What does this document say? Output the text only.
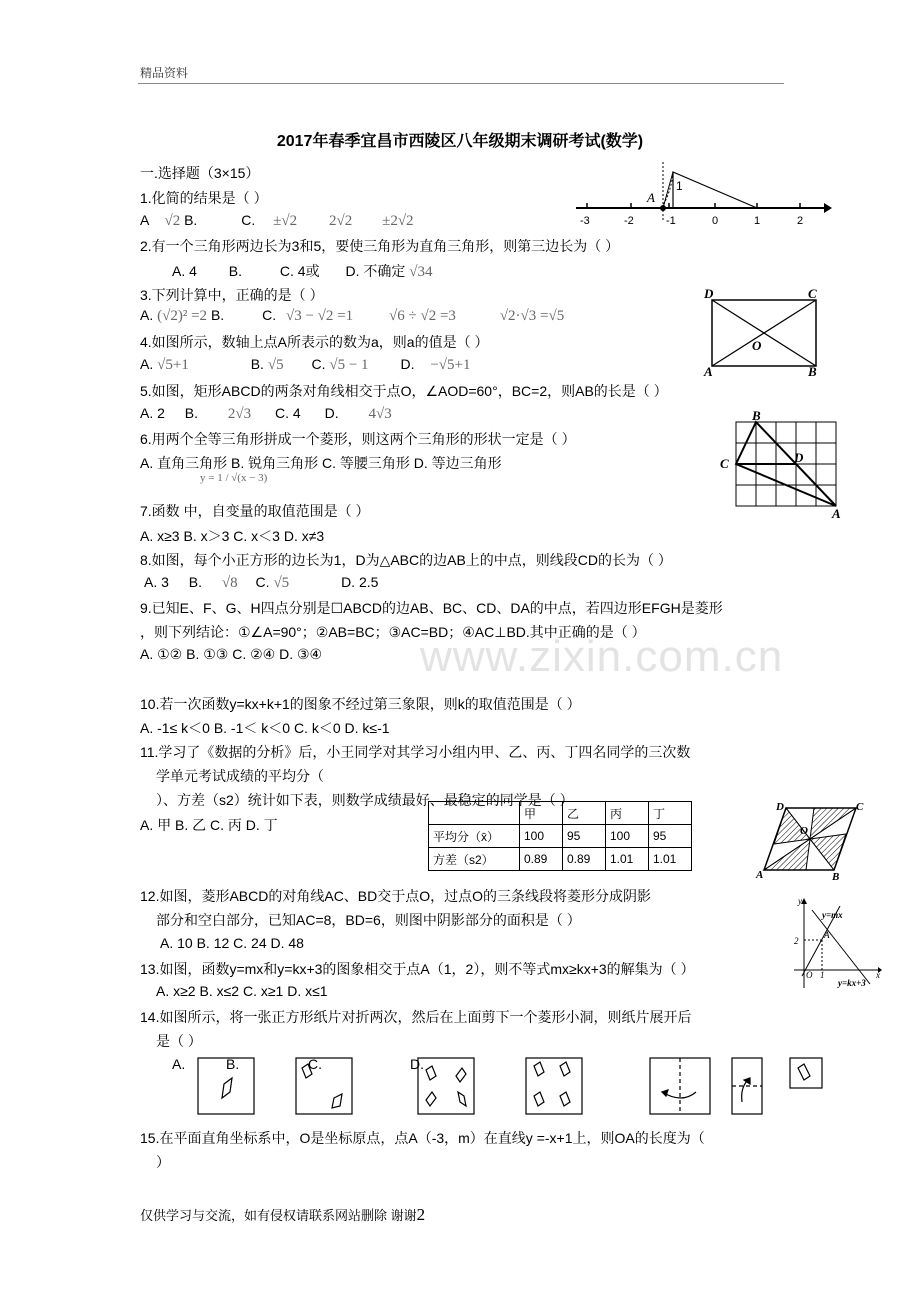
精品资料
www.zixin.com.cn
2017年春季宜昌市西陵区八年级期末调研考试(数学)
一.选择题（3×15）
1.化简的结果是（ ）
A √2 B.	C. ±√2 2√2 ±2√2
A
1
-3	-2	-1	0	1	2
2.有一个三角形两边长为3和5，要使三角形为直角三角形，则第三边长为（ ）
A. 4 B.	C. 4或 D. 不确定 √34
3.下列计算中，正确的是（ ）
A. (√2)² =2 B.	C. √3 − √2 =1 √6 ÷ √2 =3	√2·√3 =√5
D	C
A	B
O
4.如图所示，数轴上点A所表示的数为a，则a的值是（ ）
A. √5+1	B. √5 C. √5 − 1 D. −√5+1
5.如图，矩形ABCD的两条对角线相交于点O，∠AOD=60°，BC=2，则AB的长是（ ）
A. 2 B. 2√3 C. 4 D. 4√3	B
C	D
A
6.用两个全等三角形拼成一个菱形，则这两个三角形的形状一定是（ ）
A. 直角三角形 B. 锐角三角形 C. 等腰三角形 D. 等边三角形
y = 1 / √(x − 3)
7.函数 中，自变量的取值范围是（ ）
A. x≥3 B. x＞3 C. x＜3 D. x≠3
8.如图，每个小正方形的边长为1，D为△ABC的边AB上的中点，则线段CD的长为（ ）
A. 3 B. √8 C. √5	D. 2.5
9.已知E、F、G、H四点分别是☐ABCD的边AB、BC、CD、DA的中点，若四边形EFGH是菱形
，则下列结论：①∠A=90°；②AB=BC；③AC=BD；④AC⊥BD.其中正确的是（ ）
A. ①② B. ①③ C. ②④ D. ③④
10.若一次函数y=kx+k+1的图象不经过第三象限，则k的取值范围是（ ）
A. -1≤ k＜0 B. -1＜ k＜0 C. k＜0 D. k≤-1
11.学习了《数据的分析》后，小王同学对其学习小组内甲、乙、丙、丁四名同学的三次数
学单元考试成绩的平均分（
）、方差（s2）统计如下表，则数学成绩最好、最稳定的同学是（ ）
A. 甲 B. 乙 C. 丙 D. 丁
	甲	乙	丙	丁
平均分（x̄）	100	95	100	95
方差（s2）	0.89	0.89	1.01	1.01
D	C
O
A	B
12.如图，菱形ABCD的对角线AC、BD交于点O，过点O的三条线段将菱形分成阴影
部分和空白部分，已知AC=8，BD=6，则图中阴影部分的面积是（ ）
A. 10 B. 12 C. 24 D. 48
y
x
y=mx
y=kx+3
2
A
O 1
13.如图，函数y=mx和y=kx+3的图象相交于点A（1，2），则不等式mx≥kx+3的解集为（ ）
A. x≥2 B. x≤2 C. x≥1 D. x≤1
14.如图所示，将一张正方形纸片对折两次，然后在上面剪下一个菱形小洞，则纸片展开后
是（ ）
A.	B.	C.	D.
15.在平面直角坐标系中，O是坐标原点，点A（-3，m）在直线y =-x+1上，则OA的长度为（
）
仅供学习与交流，如有侵权请联系网站删除 谢谢2
